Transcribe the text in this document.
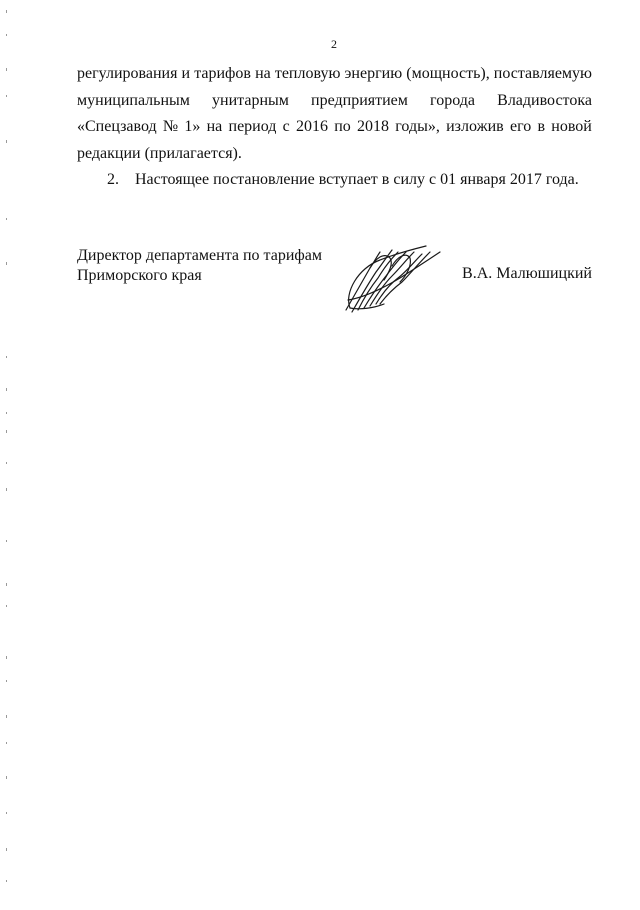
2
регулирования и тарифов на тепловую энергию (мощность), поставляемую
муниципальным унитарным предприятием города Владивостока
«Спецзавод № 1» на период с 2016 по 2018 годы», изложив его в новой
редакции (прилагается).
2. Настоящее постановление вступает в силу с 01 января 2017 года.
Директор департамента по тарифам
Приморского края	В.А. Малюшицкий
